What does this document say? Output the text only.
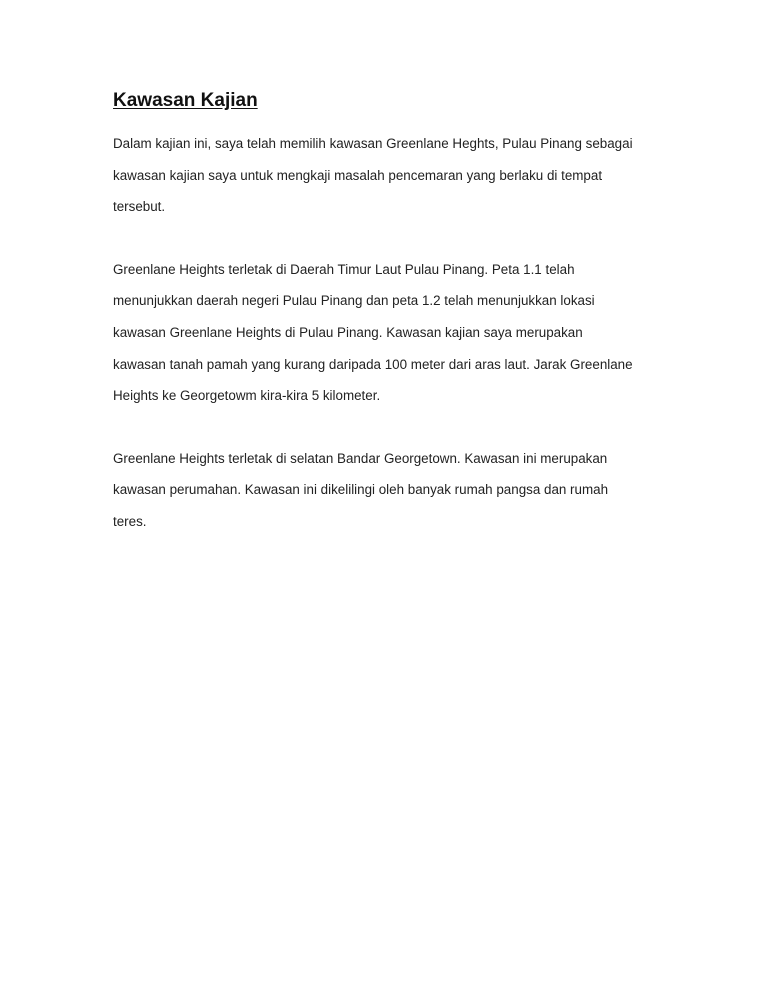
Kawasan Kajian

Dalam kajian ini, saya telah memilih kawasan Greenlane Heghts, Pulau Pinang sebagai
kawasan kajian saya untuk mengkaji masalah pencemaran yang berlaku di tempat
tersebut.

Greenlane Heights terletak di Daerah Timur Laut Pulau Pinang. Peta 1.1 telah
menunjukkan daerah negeri Pulau Pinang dan peta 1.2 telah menunjukkan lokasi
kawasan Greenlane Heights di Pulau Pinang. Kawasan kajian saya merupakan
kawasan tanah pamah yang kurang daripada 100 meter dari aras laut. Jarak Greenlane
Heights ke Georgetowm kira-kira 5 kilometer.

Greenlane Heights terletak di selatan Bandar Georgetown. Kawasan ini merupakan
kawasan perumahan. Kawasan ini dikelilingi oleh banyak rumah pangsa dan rumah
teres.
